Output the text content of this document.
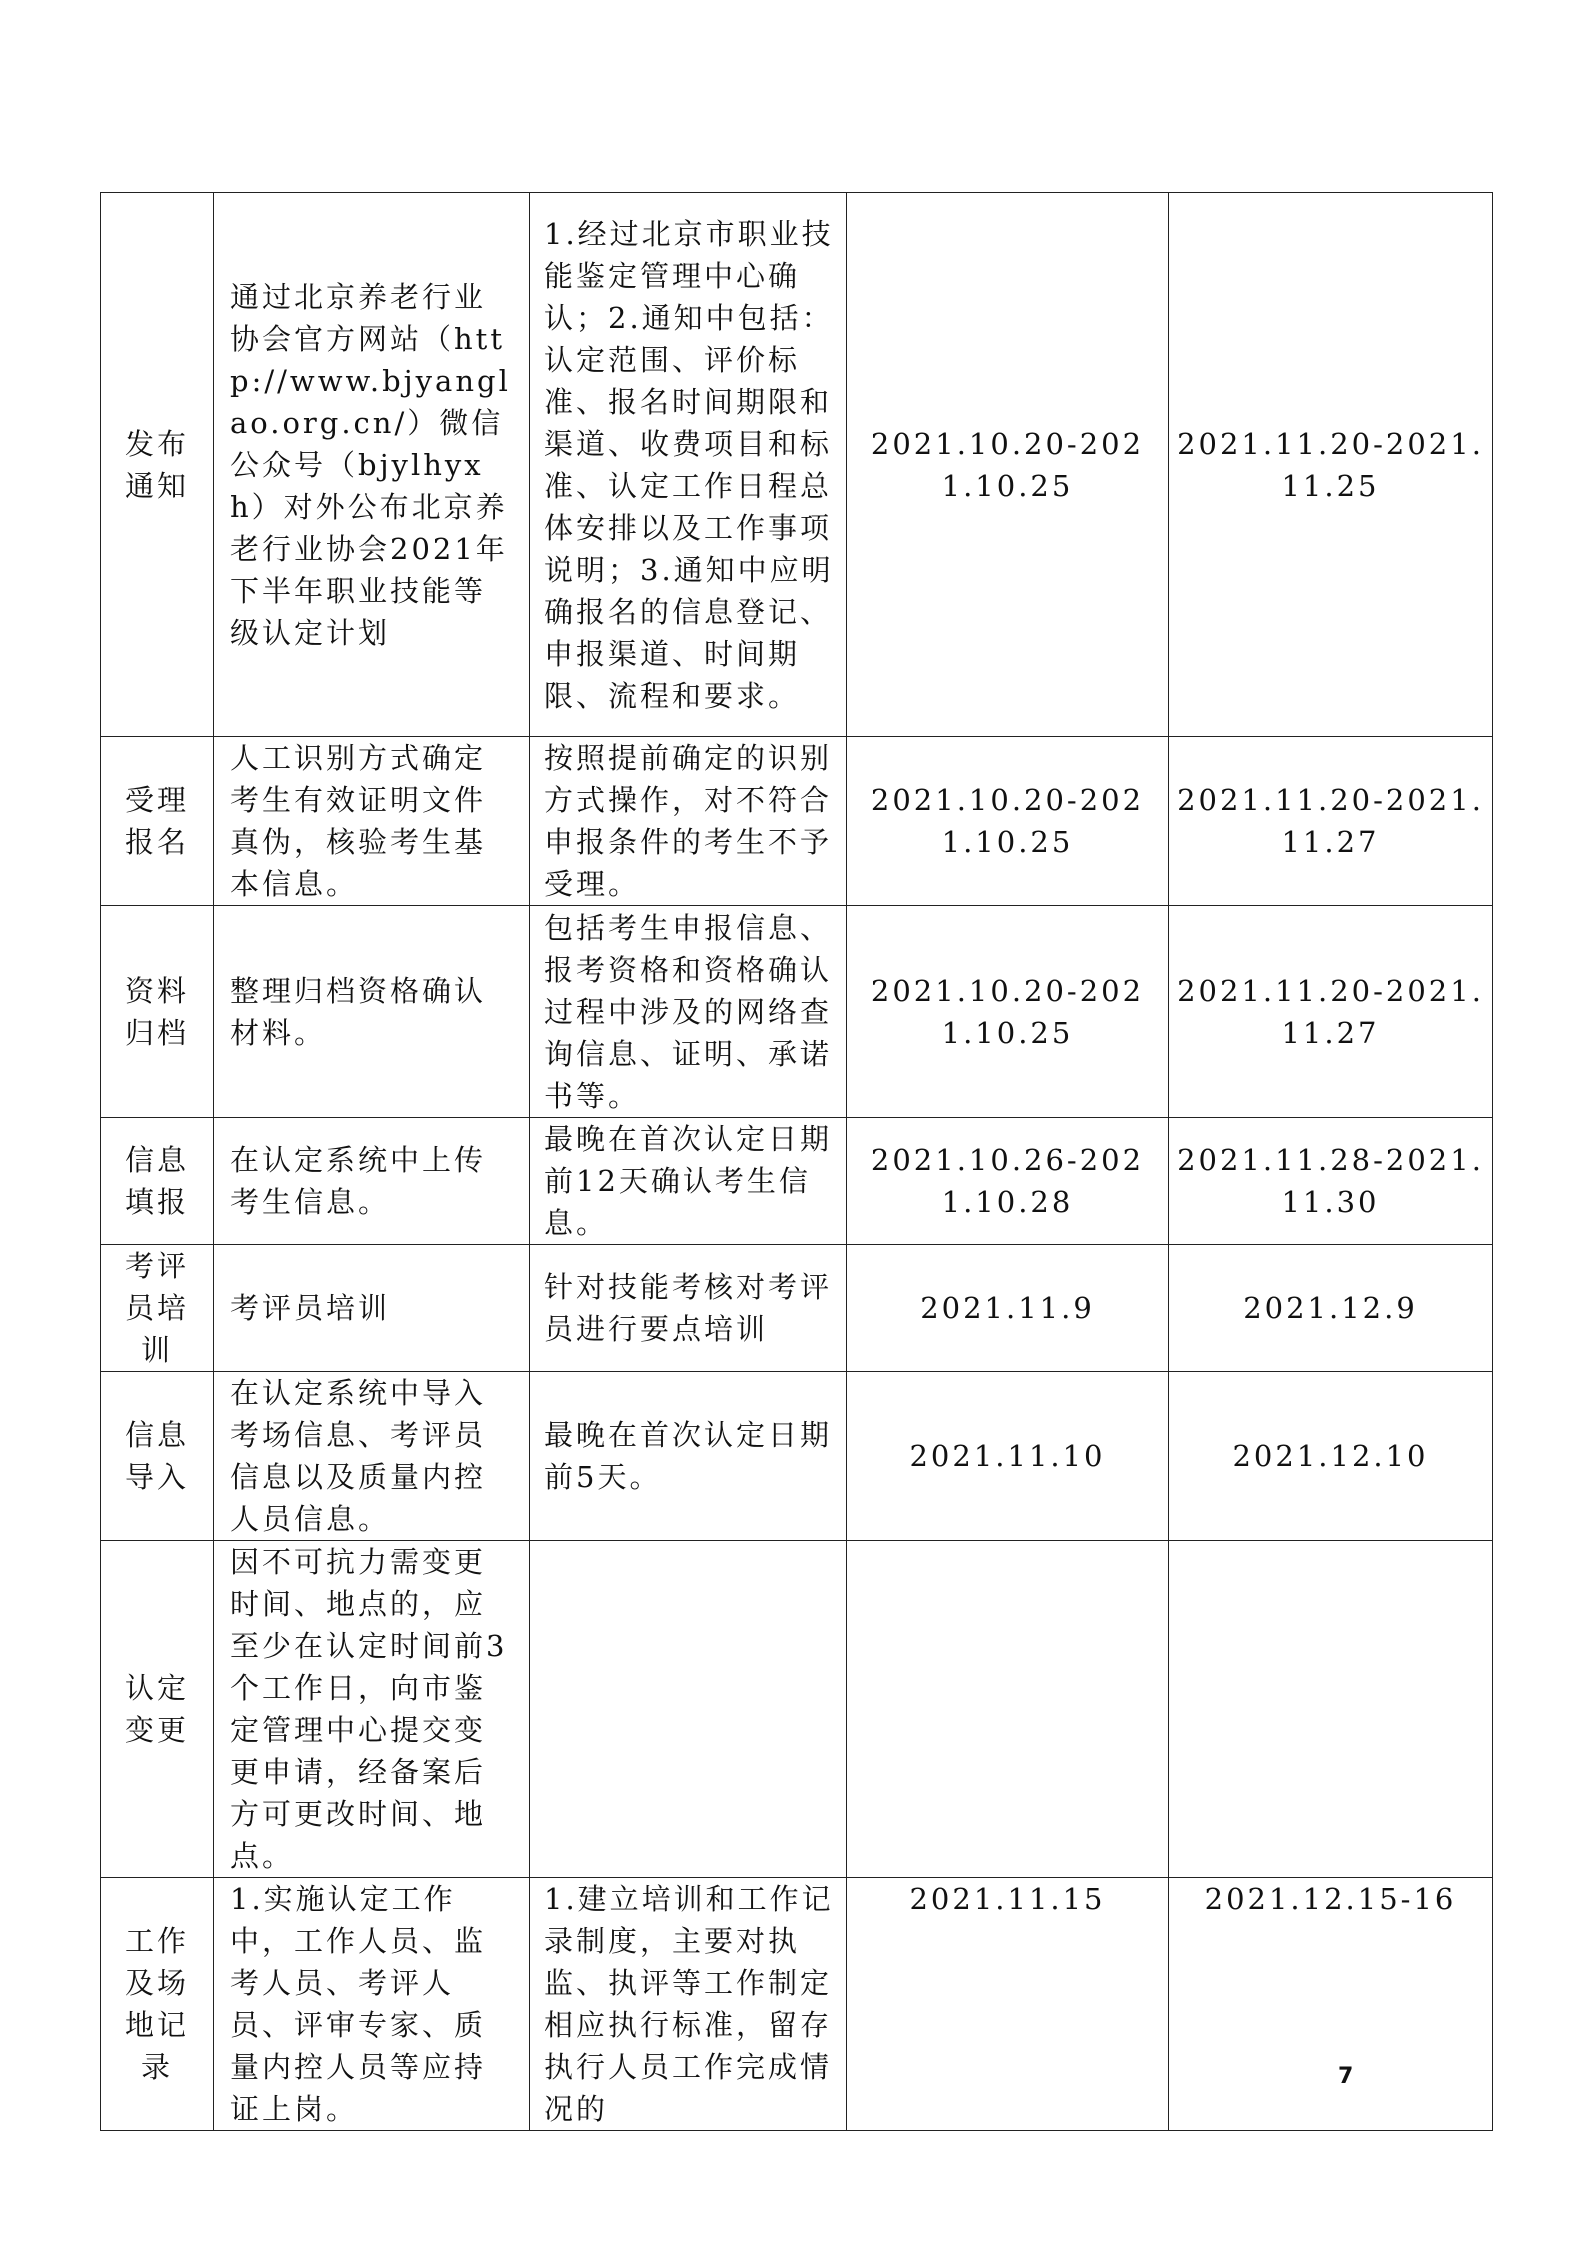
发布
通知	通过北京养老行业协会官方网站（http://www.bjyanglao.org.cn/）微信公众号（bjylhyxh）对外公布北京养老行业协会2021年下半年职业技能等级认定计划	1.经过北京市职业技能鉴定管理中心确认；2.通知中包括：认定范围、评价标准、报名时间期限和渠道、收费项目和标准、认定工作日程总体安排以及工作事项说明；3.通知中应明确报名的信息登记、申报渠道、时间期限、流程和要求。	2021.10.20-2021.10.25	2021.11.20-2021.11.25

受理
报名	人工识别方式确定考生有效证明文件真伪，核验考生基本信息。	按照提前确定的识别方式操作，对不符合申报条件的考生不予受理。	2021.10.20-2021.10.25	2021.11.20-2021.11.27

资料
归档	整理归档资格确认材料。	包括考生申报信息、报考资格和资格确认过程中涉及的网络查询信息、证明、承诺书等。	2021.10.20-2021.10.25	2021.11.20-2021.11.27

信息
填报	在认定系统中上传考生信息。	最晚在首次认定日期前12天确认考生信息。	2021.10.26-2021.10.28	2021.11.28-2021.11.30

考评
员培
训	考评员培训	针对技能考核对考评员进行要点培训	2021.11.9	2021.12.9

信息
导入	在认定系统中导入考场信息、考评员信息以及质量内控人员信息。	最晚在首次认定日期前5天。	2021.11.10	2021.12.10

认定
变更	因不可抗力需变更时间、地点的，应至少在认定时间前3个工作日，向市鉴定管理中心提交变更申请，经备案后方可更改时间、地点。			

工作
及场
地记
录	1.实施认定工作中，工作人员、监考人员、考评人员、评审专家、质量内控人员等应持证上岗。	1.建立培训和工作记录制度，主要对执监、执评等工作制定相应执行标准，留存执行人员工作完成情况的	2021.11.15	2021.12.15-16
7
